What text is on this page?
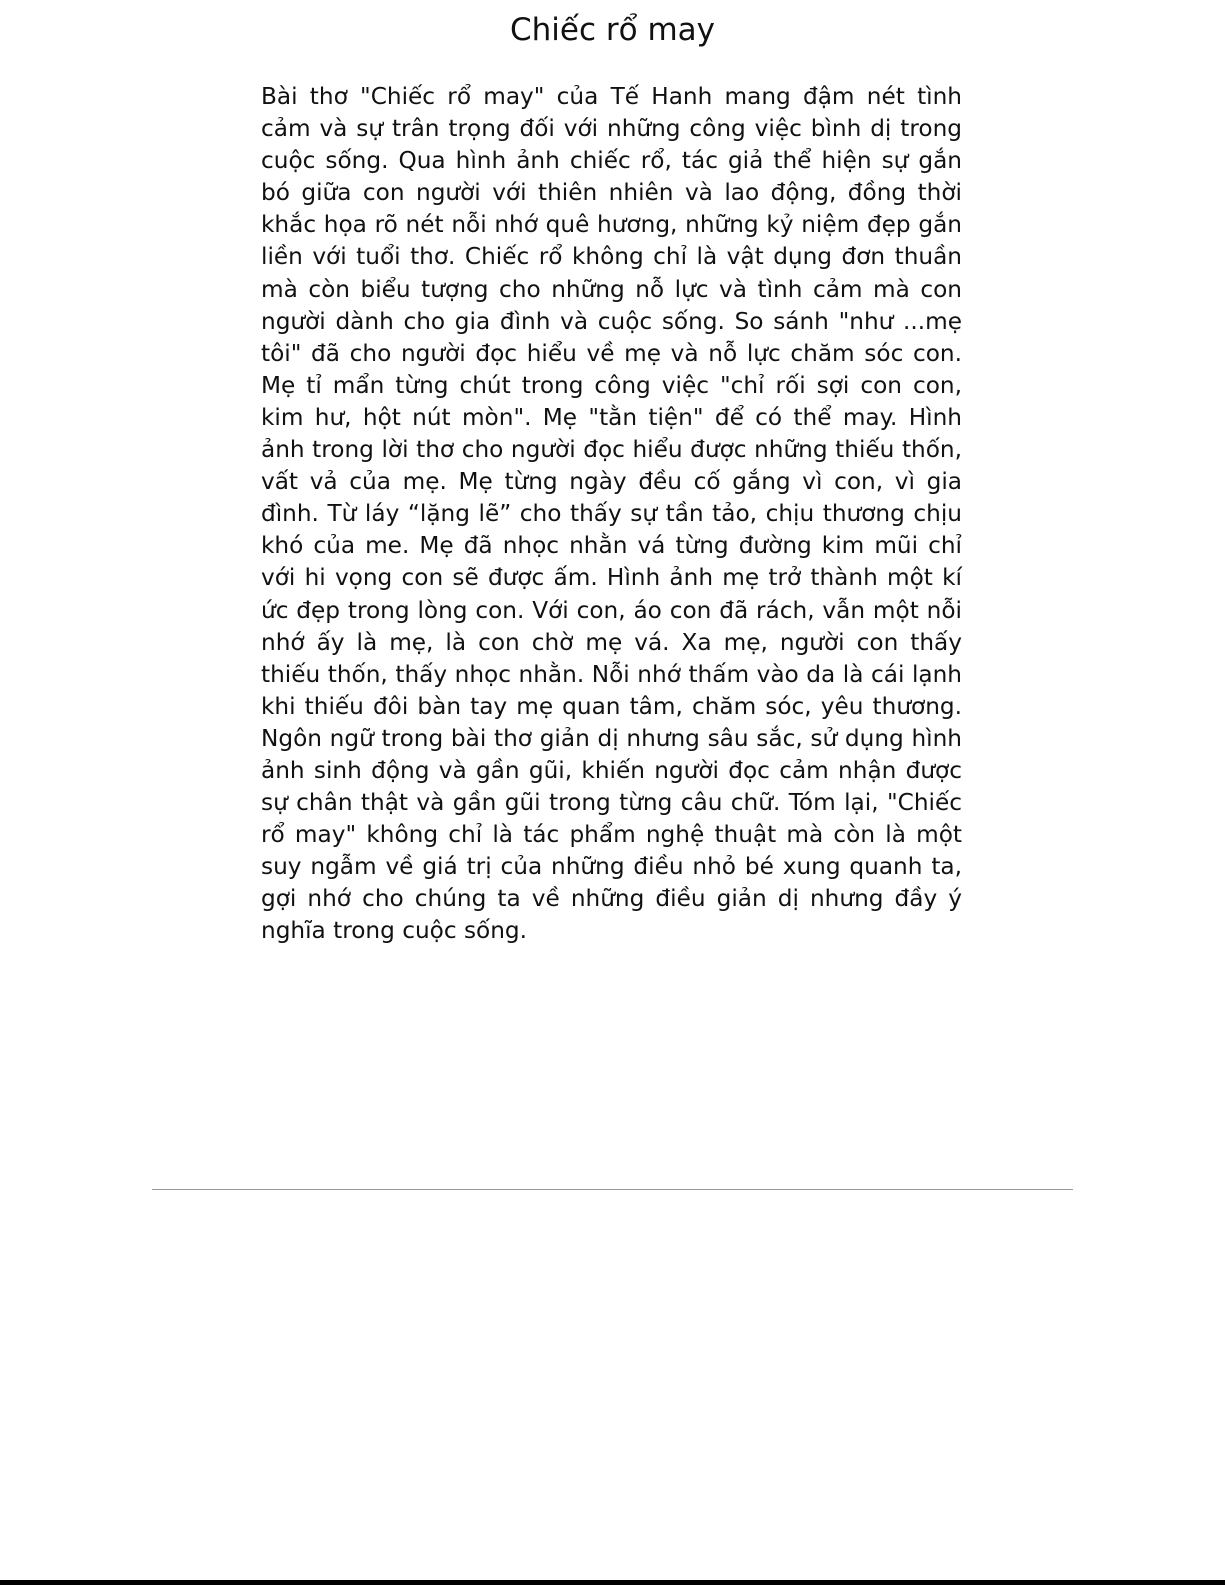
Chiếc rổ may

Bài thơ "Chiếc rổ may" của Tế Hanh mang đậm nét tình cảm và sự trân trọng đối với những công việc bình dị trong cuộc sống. Qua hình ảnh chiếc rổ, tác giả thể hiện sự gắn bó giữa con người với thiên nhiên và lao động, đồng thời khắc họa rõ nét nỗi nhớ quê hương, những kỷ niệm đẹp gắn liền với tuổi thơ. Chiếc rổ không chỉ là vật dụng đơn thuần mà còn biểu tượng cho những nỗ lực và tình cảm mà con người dành cho gia đình và cuộc sống. So sánh "như ...mẹ tôi" đã cho người đọc hiểu về mẹ và nỗ lực chăm sóc con. Mẹ tỉ mẩn từng chút trong công việc "chỉ rối sợi con con, kim hư, hột nút mòn". Mẹ "tằn tiện" để có thể may. Hình ảnh trong lời thơ cho người đọc hiểu được những thiếu thốn, vất vả của mẹ. Mẹ từng ngày đều cố gắng vì con, vì gia đình. Từ láy “lặng lẽ” cho thấy sự tần tảo, chịu thương chịu khó của me. Mẹ đã nhọc nhằn vá từng đường kim mũi chỉ với hi vọng con sẽ được ấm. Hình ảnh mẹ trở thành một kí ức đẹp trong lòng con. Với con, áo con đã rách, vẫn một nỗi nhớ ấy là mẹ, là con chờ mẹ vá. Xa mẹ, người con thấy thiếu thốn, thấy nhọc nhằn. Nỗi nhớ thấm vào da là cái lạnh khi thiếu đôi bàn tay mẹ quan tâm, chăm sóc, yêu thương. Ngôn ngữ trong bài thơ giản dị nhưng sâu sắc, sử dụng hình ảnh sinh động và gần gũi, khiến người đọc cảm nhận được sự chân thật và gần gũi trong từng câu chữ. Tóm lại, "Chiếc rổ may" không chỉ là tác phẩm nghệ thuật mà còn là một suy ngẫm về giá trị của những điều nhỏ bé xung quanh ta, gợi nhớ cho chúng ta về những điều giản dị nhưng đầy ý nghĩa trong cuộc sống.
